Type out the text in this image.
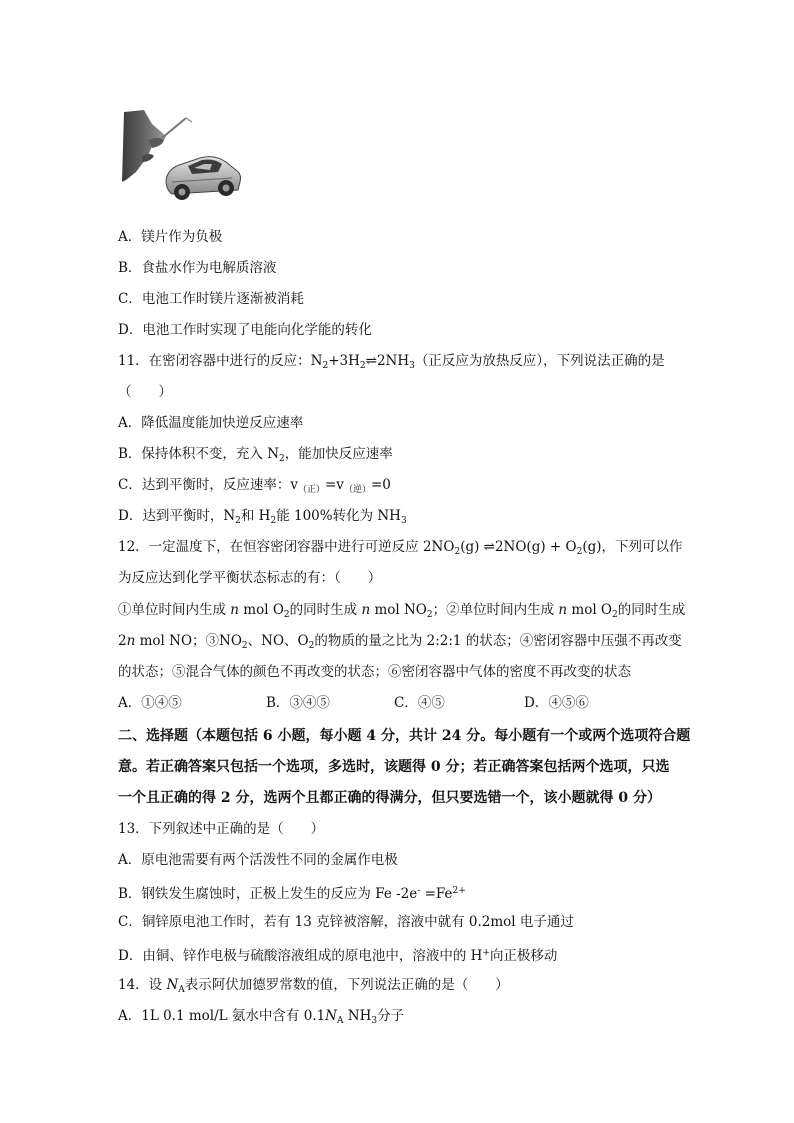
A．镁片作为负极
B．食盐水作为电解质溶液
C．电池工作时镁片逐渐被消耗
D．电池工作时实现了电能向化学能的转化
11．在密闭容器中进行的反应：$N_2+3H_2\rightleftharpoons 2NH_3$（正反应为放热反应），下列说法正确的是
（　　）
A．降低温度能加快逆反应速率
B．保持体积不变，充入 $N_2$，能加快反应速率
C．达到平衡时，反应速率：$v_{(正)}=v_{(逆)}=0$
D．达到平衡时，$N_2$和 $H_2$能 100%转化为 $NH_3$
12．一定温度下，在恒容密闭容器中进行可逆反应 $2NO_2(g)$ ⇌2NO(g) + $O_2(g)$，下列可以作
为反应达到化学平衡状态标志的有：（　　）
①单位时间内生成 n mol $O_2$的同时生成 n mol $NO_2$；②单位时间内生成 n mol $O_2$的同时生成
2n mol NO；$③NO_2$、NO、$O_2$的物质的量之比为 2:2:1 的状态；④密闭容器中压强不再改变
的状态；⑤混合气体的颜色不再改变的状态；⑥密闭容器中气体的密度不再改变的状态
A．①④⑤	B．③④⑤	C．④⑤	D．④⑤⑥
二、选择题（本题包括 6 小题，每小题 4 分，共计 24 分。每小题有一个或两个选项符合题
意。若正确答案只包括一个选项，多选时，该题得 0 分；若正确答案包括两个选项，只选
一个且正确的得 2 分，选两个且都正确的得满分，但只要选错一个，该小题就得 0 分）
13．下列叙述中正确的是（　　）
A．原电池需要有两个活泼性不同的金属作电极
B．钢铁发生腐蚀时，正极上发生的反应为 Fe $-2e^- =Fe^{2+}$
C．铜锌原电池工作时，若有 13 克锌被溶解，溶液中就有 0.2mol 电子通过
D．由铜、锌作电极与硫酸溶液组成的原电池中，溶液中的 H+向正极移动
14．设 $N_A$表示阿伏加德罗常数的值，下列说法正确的是（　　）
A．1L 0.1 mol/L 氨水中含有 $0.1N_A$ $NH_3$分子
